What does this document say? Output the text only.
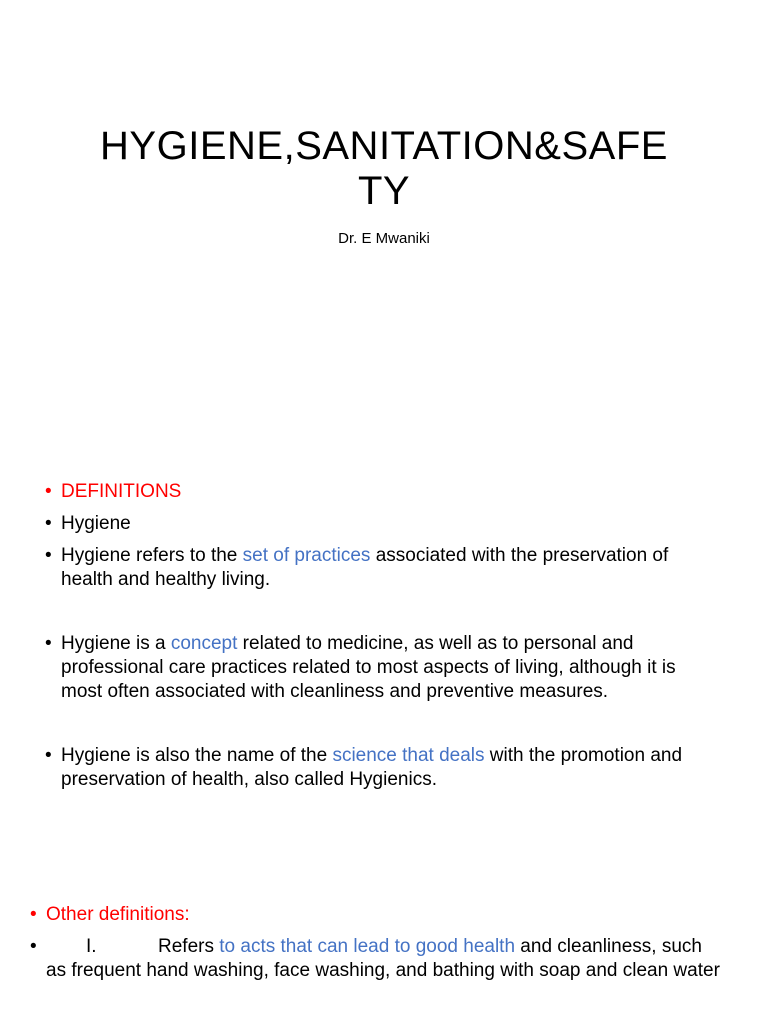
HYGIENE,SANITATION&SAFETY
Dr. E Mwaniki
• DEFINITIONS
• Hygiene
• Hygiene refers to the set of practices associated with the preservation of health and healthy living.
• Hygiene is a concept related to medicine, as well as to personal and professional care practices related to most aspects of living, although it is most often associated with cleanliness and preventive measures.
• Hygiene is also the name of the science that deals with the promotion and preservation of health, also called Hygienics.
• Other definitions:
•	I.	Refers to acts that can lead to good health and cleanliness, such as frequent hand washing, face washing, and bathing with soap and clean water
